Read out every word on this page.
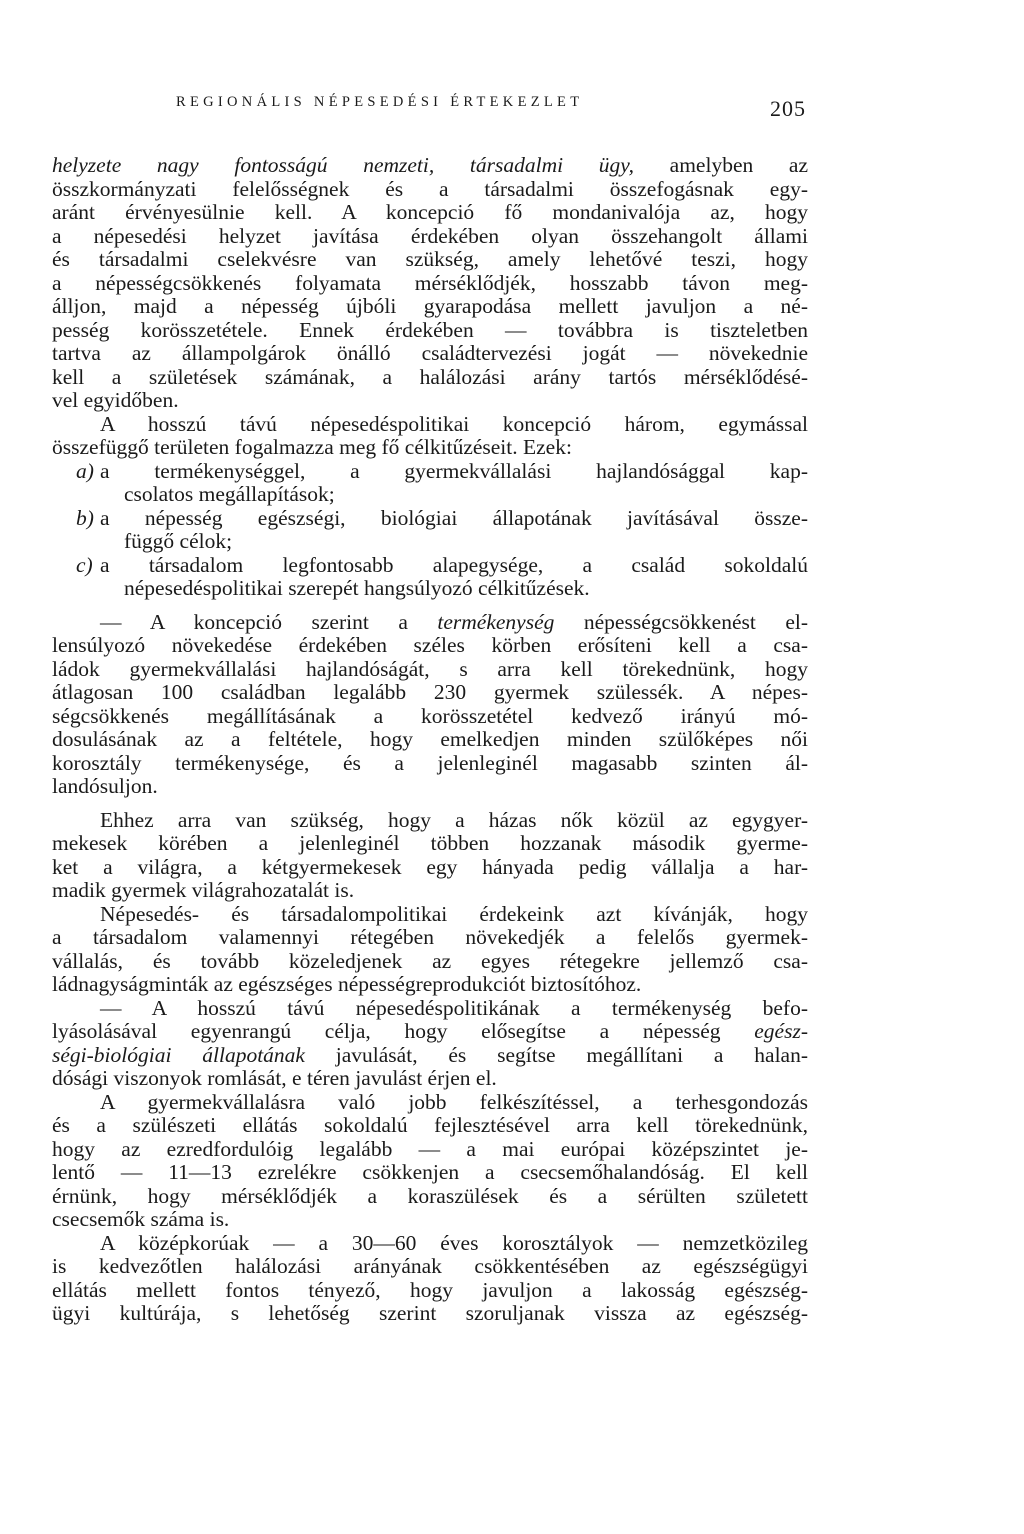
REGIONÁLIS NÉPESEDÉSI ÉRTEKEZLET	205
helyzete nagy fontosságú nemzeti, társadalmi ügy, amelyben az
összkormányzati felelősségnek és a társadalmi összefogásnak egy-
aránt érvényesülnie kell. A koncepció fő mondanivalója az, hogy
a népesedési helyzet javítása érdekében olyan összehangolt állami
és társadalmi cselekvésre van szükség, amely lehetővé teszi, hogy
a népességcsökkenés folyamata mérséklődjék, hosszabb távon meg-
álljon, majd a népesség újbóli gyarapodása mellett javuljon a né-
pesség korösszetétele. Ennek érdekében — továbbra is tiszteletben
tartva az állampolgárok önálló családtervezési jogát — növekednie
kell a születések számának, a halálozási arány tartós mérséklődésé-
vel egyidőben.
A hosszú távú népesedéspolitikai koncepció három, egymással
összefüggő területen fogalmazza meg fő célkitűzéseit. Ezek:
a) a termékenységgel, a gyermekvállalási hajlandósággal kap-
csolatos megállapítások;
b) a népesség egészségi, biológiai állapotának javításával össze-
függő célok;
c) a társadalom legfontosabb alapegysége, a család sokoldalú
népesedéspolitikai szerepét hangsúlyozó célkitűzések.
— A koncepció szerint a termékenység népességcsökkenést el-
lensúlyozó növekedése érdekében széles körben erősíteni kell a csa-
ládok gyermekvállalási hajlandóságát, s arra kell törekednünk, hogy
átlagosan 100 családban legalább 230 gyermek szülessék. A népes-
ségcsökkenés megállításának a korösszetétel kedvező irányú mó-
dosulásának az a feltétele, hogy emelkedjen minden szülőképes női
korosztály termékenysége, és a jelenleginél magasabb szinten ál-
landósuljon.
Ehhez arra van szükség, hogy a házas nők közül az egygyer-
mekesek körében a jelenleginél többen hozzanak második gyerme-
ket a világra, a kétgyermekesek egy hányada pedig vállalja a har-
madik gyermek világrahozatalát is.
Népesedés- és társadalompolitikai érdekeink azt kívánják, hogy
a társadalom valamennyi rétegében növekedjék a felelős gyermek-
vállalás, és tovább közeledjenek az egyes rétegekre jellemző csa-
ládnagyságminták az egészséges népességreprodukciót biztosítóhoz.
— A hosszú távú népesedéspolitikának a termékenység befo-
lyásolásával egyenrangú célja, hogy elősegítse a népesség egész-
ségi-biológiai állapotának javulását, és segítse megállítani a halan-
dósági viszonyok romlását, e téren javulást érjen el.
A gyermekvállalásra való jobb felkészítéssel, a terhesgondozás
és a szülészeti ellátás sokoldalú fejlesztésével arra kell törekednünk,
hogy az ezredfordulóig legalább — a mai európai középszintet je-
lentő — 11—13 ezrelékre csökkenjen a csecsemőhalandóság. El kell
érnünk, hogy mérséklődjék a koraszülések és a sérülten született
csecsemők száma is.
A középkorúak — a 30—60 éves korosztályok — nemzetközileg
is kedvezőtlen halálozási arányának csökkentésében az egészségügyi
ellátás mellett fontos tényező, hogy javuljon a lakosság egészség-
ügyi kultúrája, s lehetőség szerint szoruljanak vissza az egészség-
